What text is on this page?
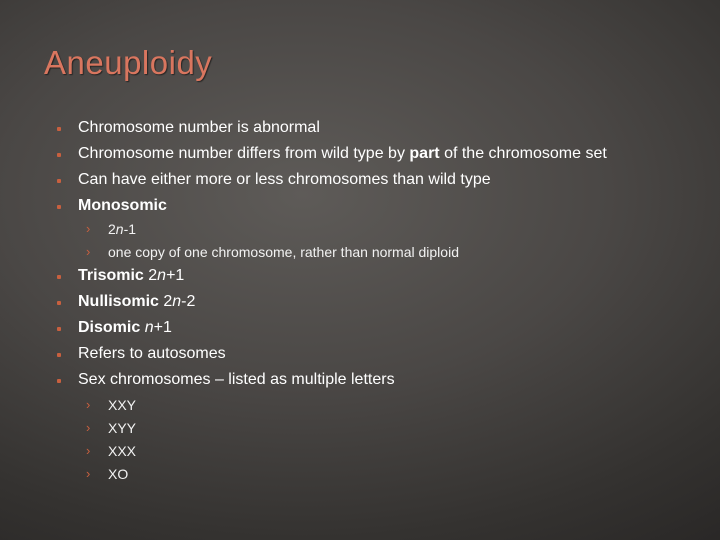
Aneuploidy
Chromosome number is abnormal
Chromosome number differs from wild type by part of the chromosome set
Can have either more or less chromosomes than wild type
Monosomic
› 2n-1
› one copy of one chromosome, rather than normal diploid
Trisomic 2n+1
Nullisomic 2n-2
Disomic n+1
Refers to autosomes
Sex chromosomes – listed as multiple letters
› XXY
› XYY
› XXX
› XO
